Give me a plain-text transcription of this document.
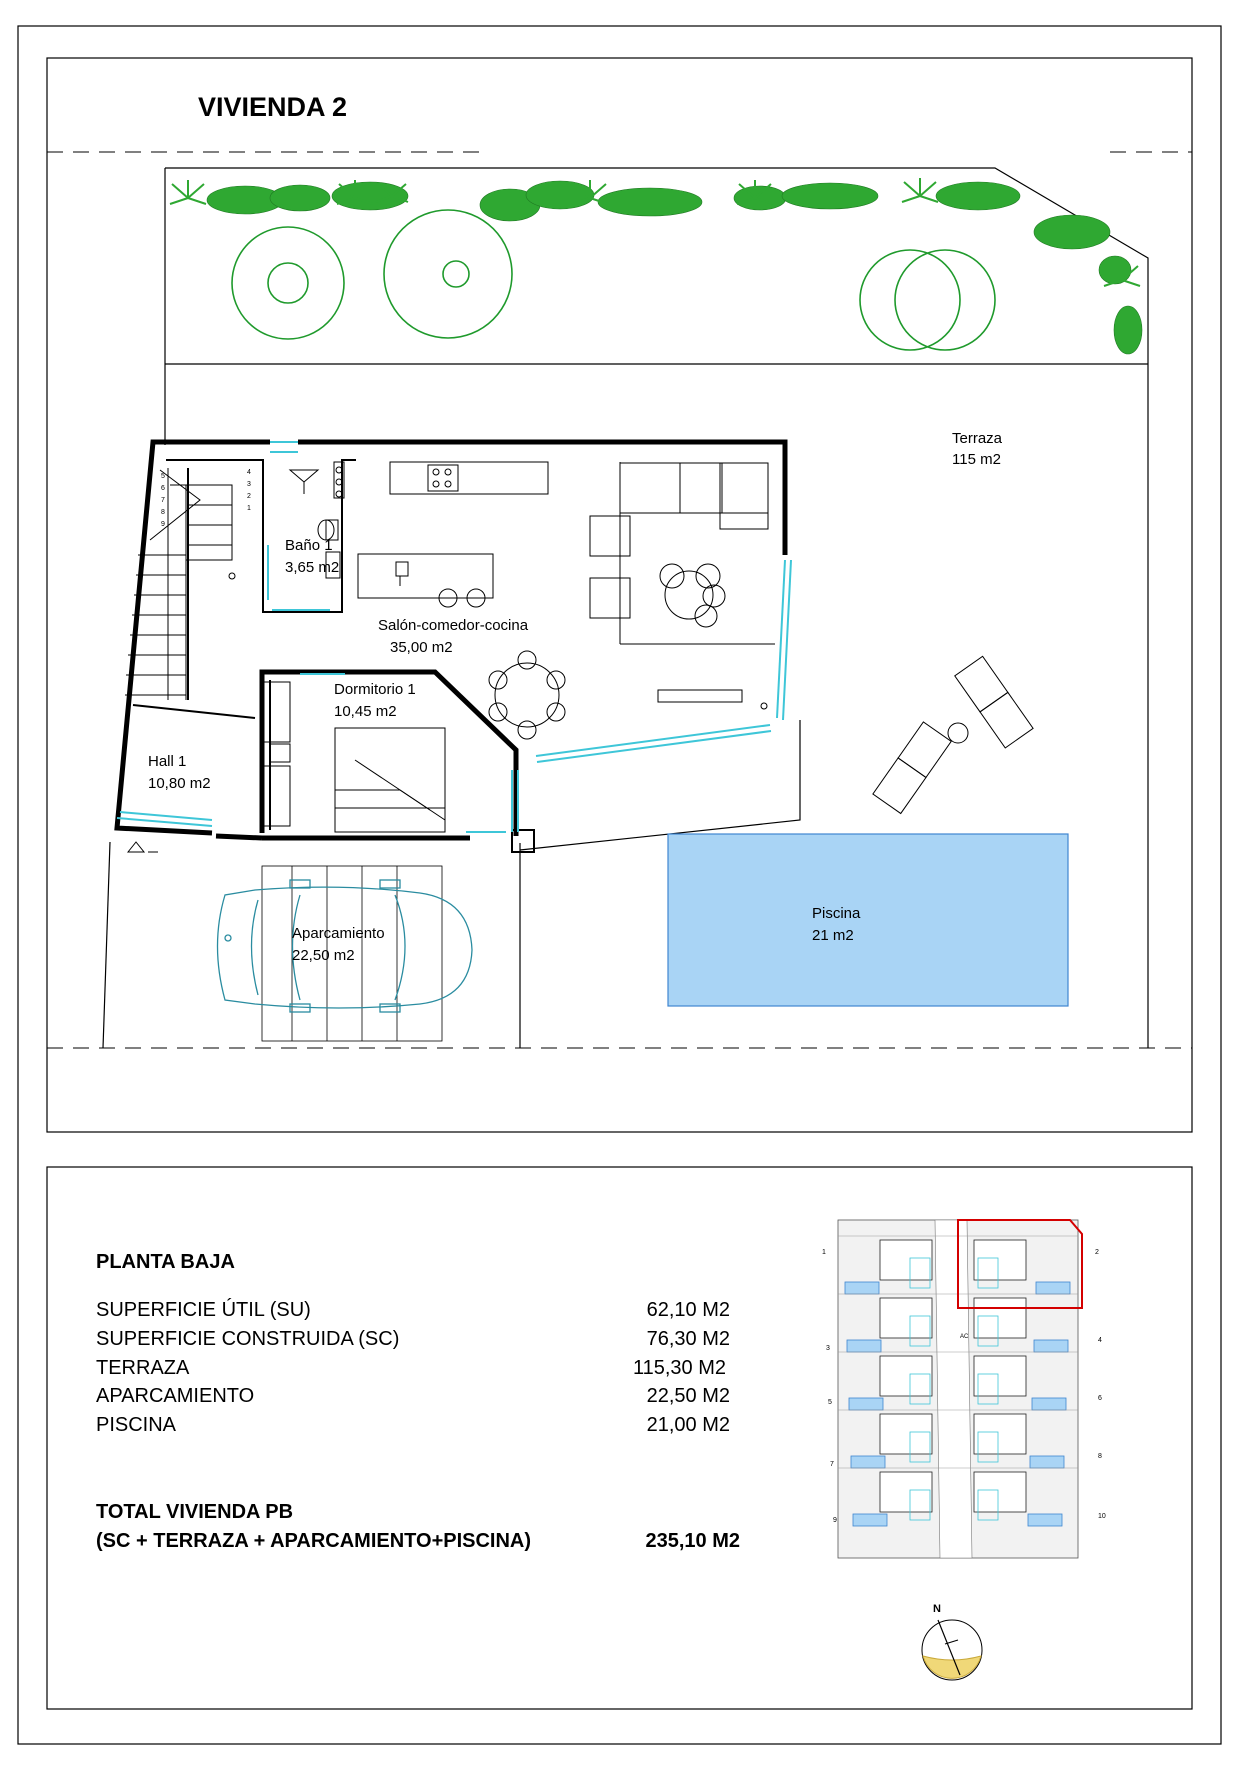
VIVIENDA 2
Terraza
115 m2
1
2
3
4
5
6
7
8
9
Baño 1
3,65 m2
Salón-comedor-cocina
35,00 m2
Dormitorio 1
10,45 m2
Hall 1
10,80 m2
Piscina
21 m2
Aparcamiento
22,50 m2
PLANTA BAJA
SUPERFICIE ÚTIL (SU)	62,10 M2
SUPERFICIE CONSTRUIDA (SC)	76,30 M2
TERRAZA	115,30 M2
APARCAMIENTO	22,50 M2
PISCINA	21,00 M2
TOTAL VIVIENDA PB
(SC + TERRAZA + APARCAMIENTO+PISCINA)	235,10 M2
AC
1	2
3
4
5
6
7
8
9
10
N
